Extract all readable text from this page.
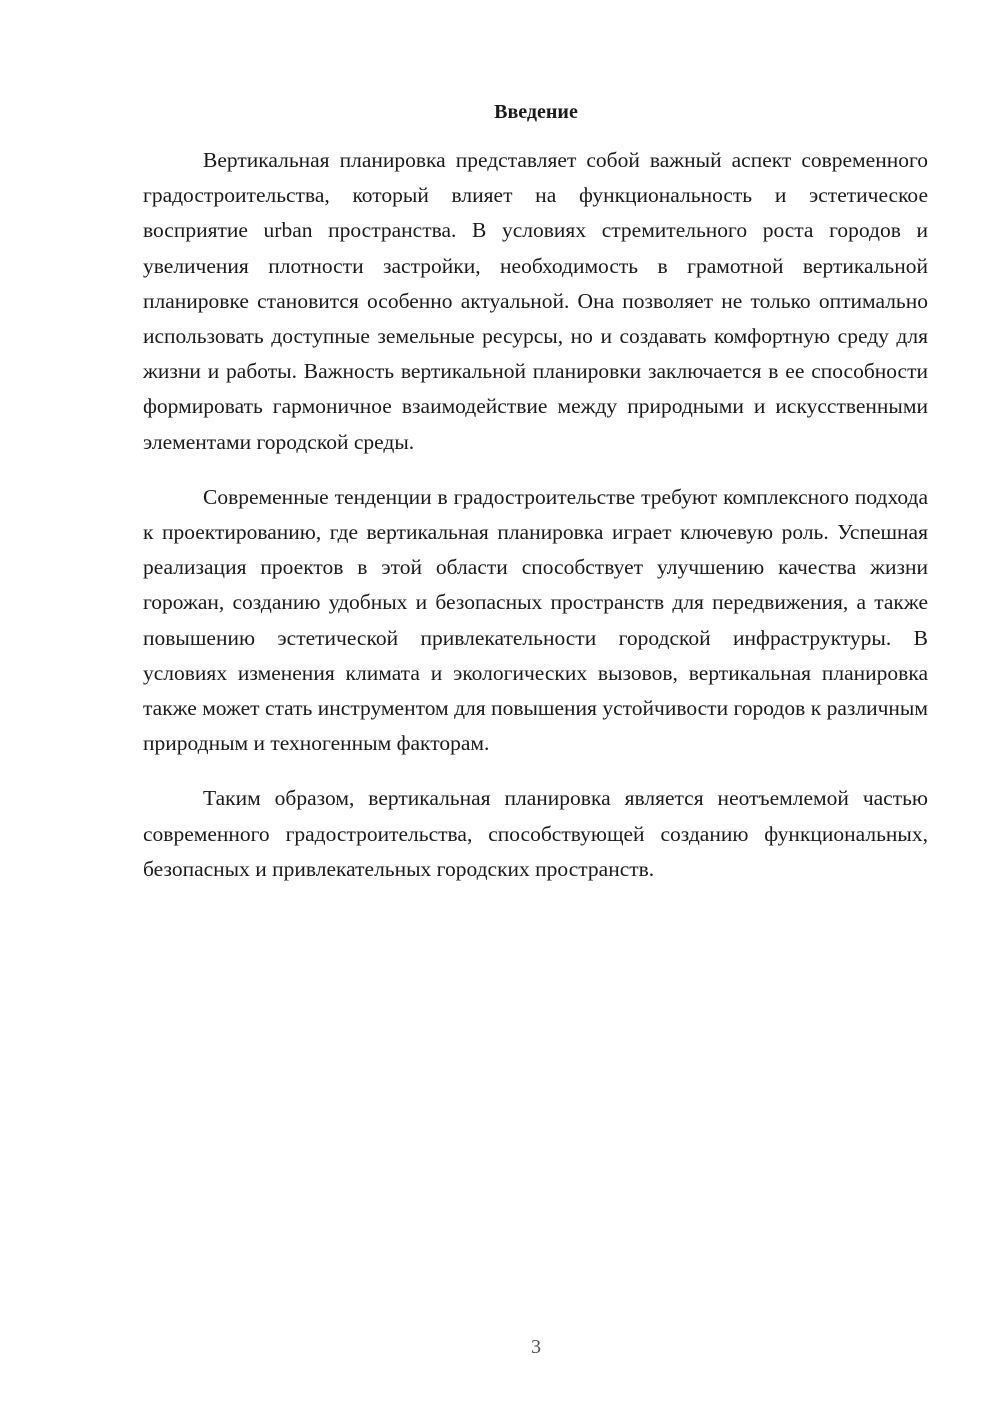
Введение

Вертикальная планировка представляет собой важный аспект современного градостроительства, который влияет на функциональность и эстетическое восприятие urban пространства. В условиях стремительного роста городов и увеличения плотности застройки, необходимость в грамотной вертикальной планировке становится особенно актуальной. Она позволяет не только оптимально использовать доступные земельные ресурсы, но и создавать комфортную среду для жизни и работы. Важность вертикальной планировки заключается в ее способности формировать гармоничное взаимодействие между природными и искусственными элементами городской среды.

Современные тенденции в градостроительстве требуют комплексного подхода к проектированию, где вертикальная планировка играет ключевую роль. Успешная реализация проектов в этой области способствует улучшению качества жизни горожан, созданию удобных и безопасных пространств для передвижения, а также повышению эстетической привлекательности городской инфраструктуры. В условиях изменения климата и экологических вызовов, вертикальная планировка также может стать инструментом для повышения устойчивости городов к различным природным и техногенным факторам.

Таким образом, вертикальная планировка является неотъемлемой частью современного градостроительства, способствующей созданию функциональных, безопасных и привлекательных городских пространств.

3
